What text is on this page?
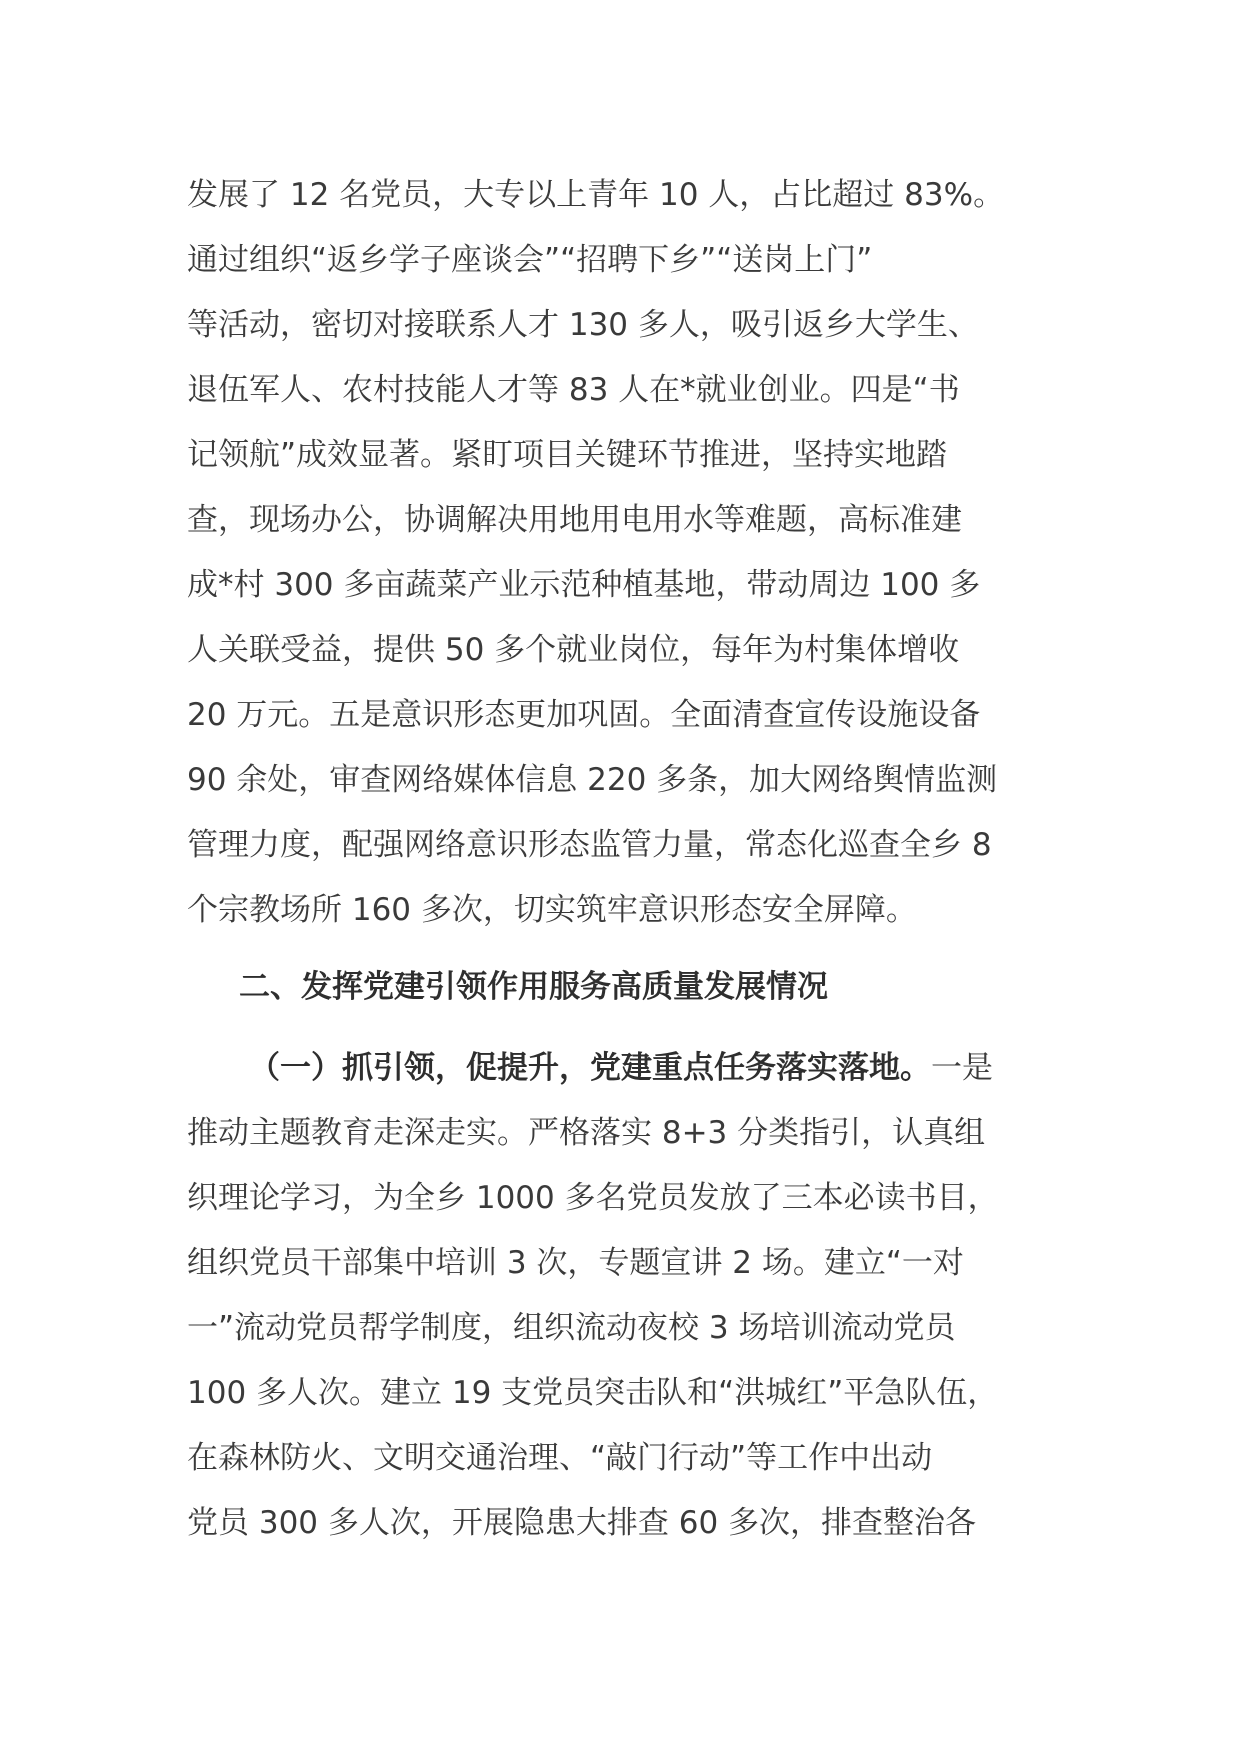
发展了 12 名党员，大专以上青年 10 人，占比超过 83%。
通过组织“返乡学子座谈会”“招聘下乡”“送岗上门”
等活动，密切对接联系人才 130 多人，吸引返乡大学生、
退伍军人、农村技能人才等 83 人在*就业创业。四是“书
记领航”成效显著。紧盯项目关键环节推进，坚持实地踏
查，现场办公，协调解决用地用电用水等难题，高标准建
成*村 300 多亩蔬菜产业示范种植基地，带动周边 100 多
人关联受益，提供 50 多个就业岗位，每年为村集体增收
20 万元。五是意识形态更加巩固。全面清查宣传设施设备
90 余处，审查网络媒体信息 220 多条，加大网络舆情监测
管理力度，配强网络意识形态监管力量，常态化巡查全乡 8
个宗教场所 160 多次，切实筑牢意识形态安全屏障。
二、发挥党建引领作用服务高质量发展情况
（一）抓引领，促提升，党建重点任务落实落地。一是
推动主题教育走深走实。严格落实 8+3 分类指引，认真组
织理论学习，为全乡 1000 多名党员发放了三本必读书目，
组织党员干部集中培训 3 次，专题宣讲 2 场。建立“一对
一”流动党员帮学制度，组织流动夜校 3 场培训流动党员
100 多人次。建立 19 支党员突击队和“洪城红”平急队伍，
在森林防火、文明交通治理、“敲门行动”等工作中出动
党员 300 多人次，开展隐患大排查 60 多次，排查整治各
